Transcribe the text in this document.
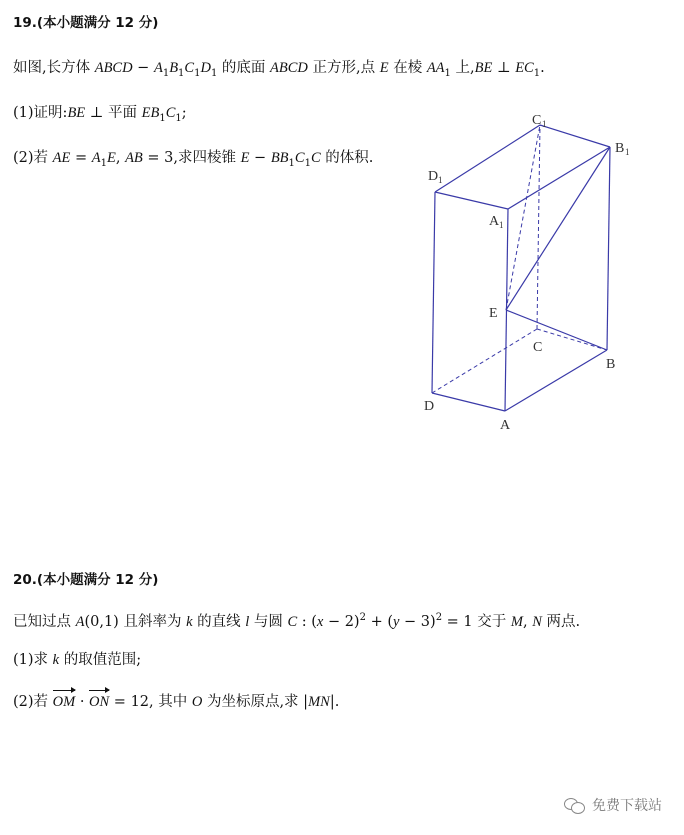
19.(本小题满分 12 分)
如图,长方体 ABCD − $A_1B_1C_1D_1$ 的底面 ABCD 正方形,点 E 在棱 $AA_1$ 上,BE ⊥ $EC_1$.
(1)证明:BE ⊥ 平面 $EB_1C_1$;
(2)若 AE = $A_1E$, AB = 3,求四棱锥 $E - BB_1C_1C$ 的体积.
C 1
B 1
D 1
A 1
E
C
B
D
A
20.(本小题满分 12 分)
已知过点 A(0,1) 且斜率为 k 的直线 l 与圆 C : $(x - 2)^2 + (y - 3)^2 = 1$ 交于 M, N 两点.
(1)求 k 的取值范围;
(2)若 OM · ON = 12, 其中 O 为坐标原点,求 |MN|.
免费下载站
